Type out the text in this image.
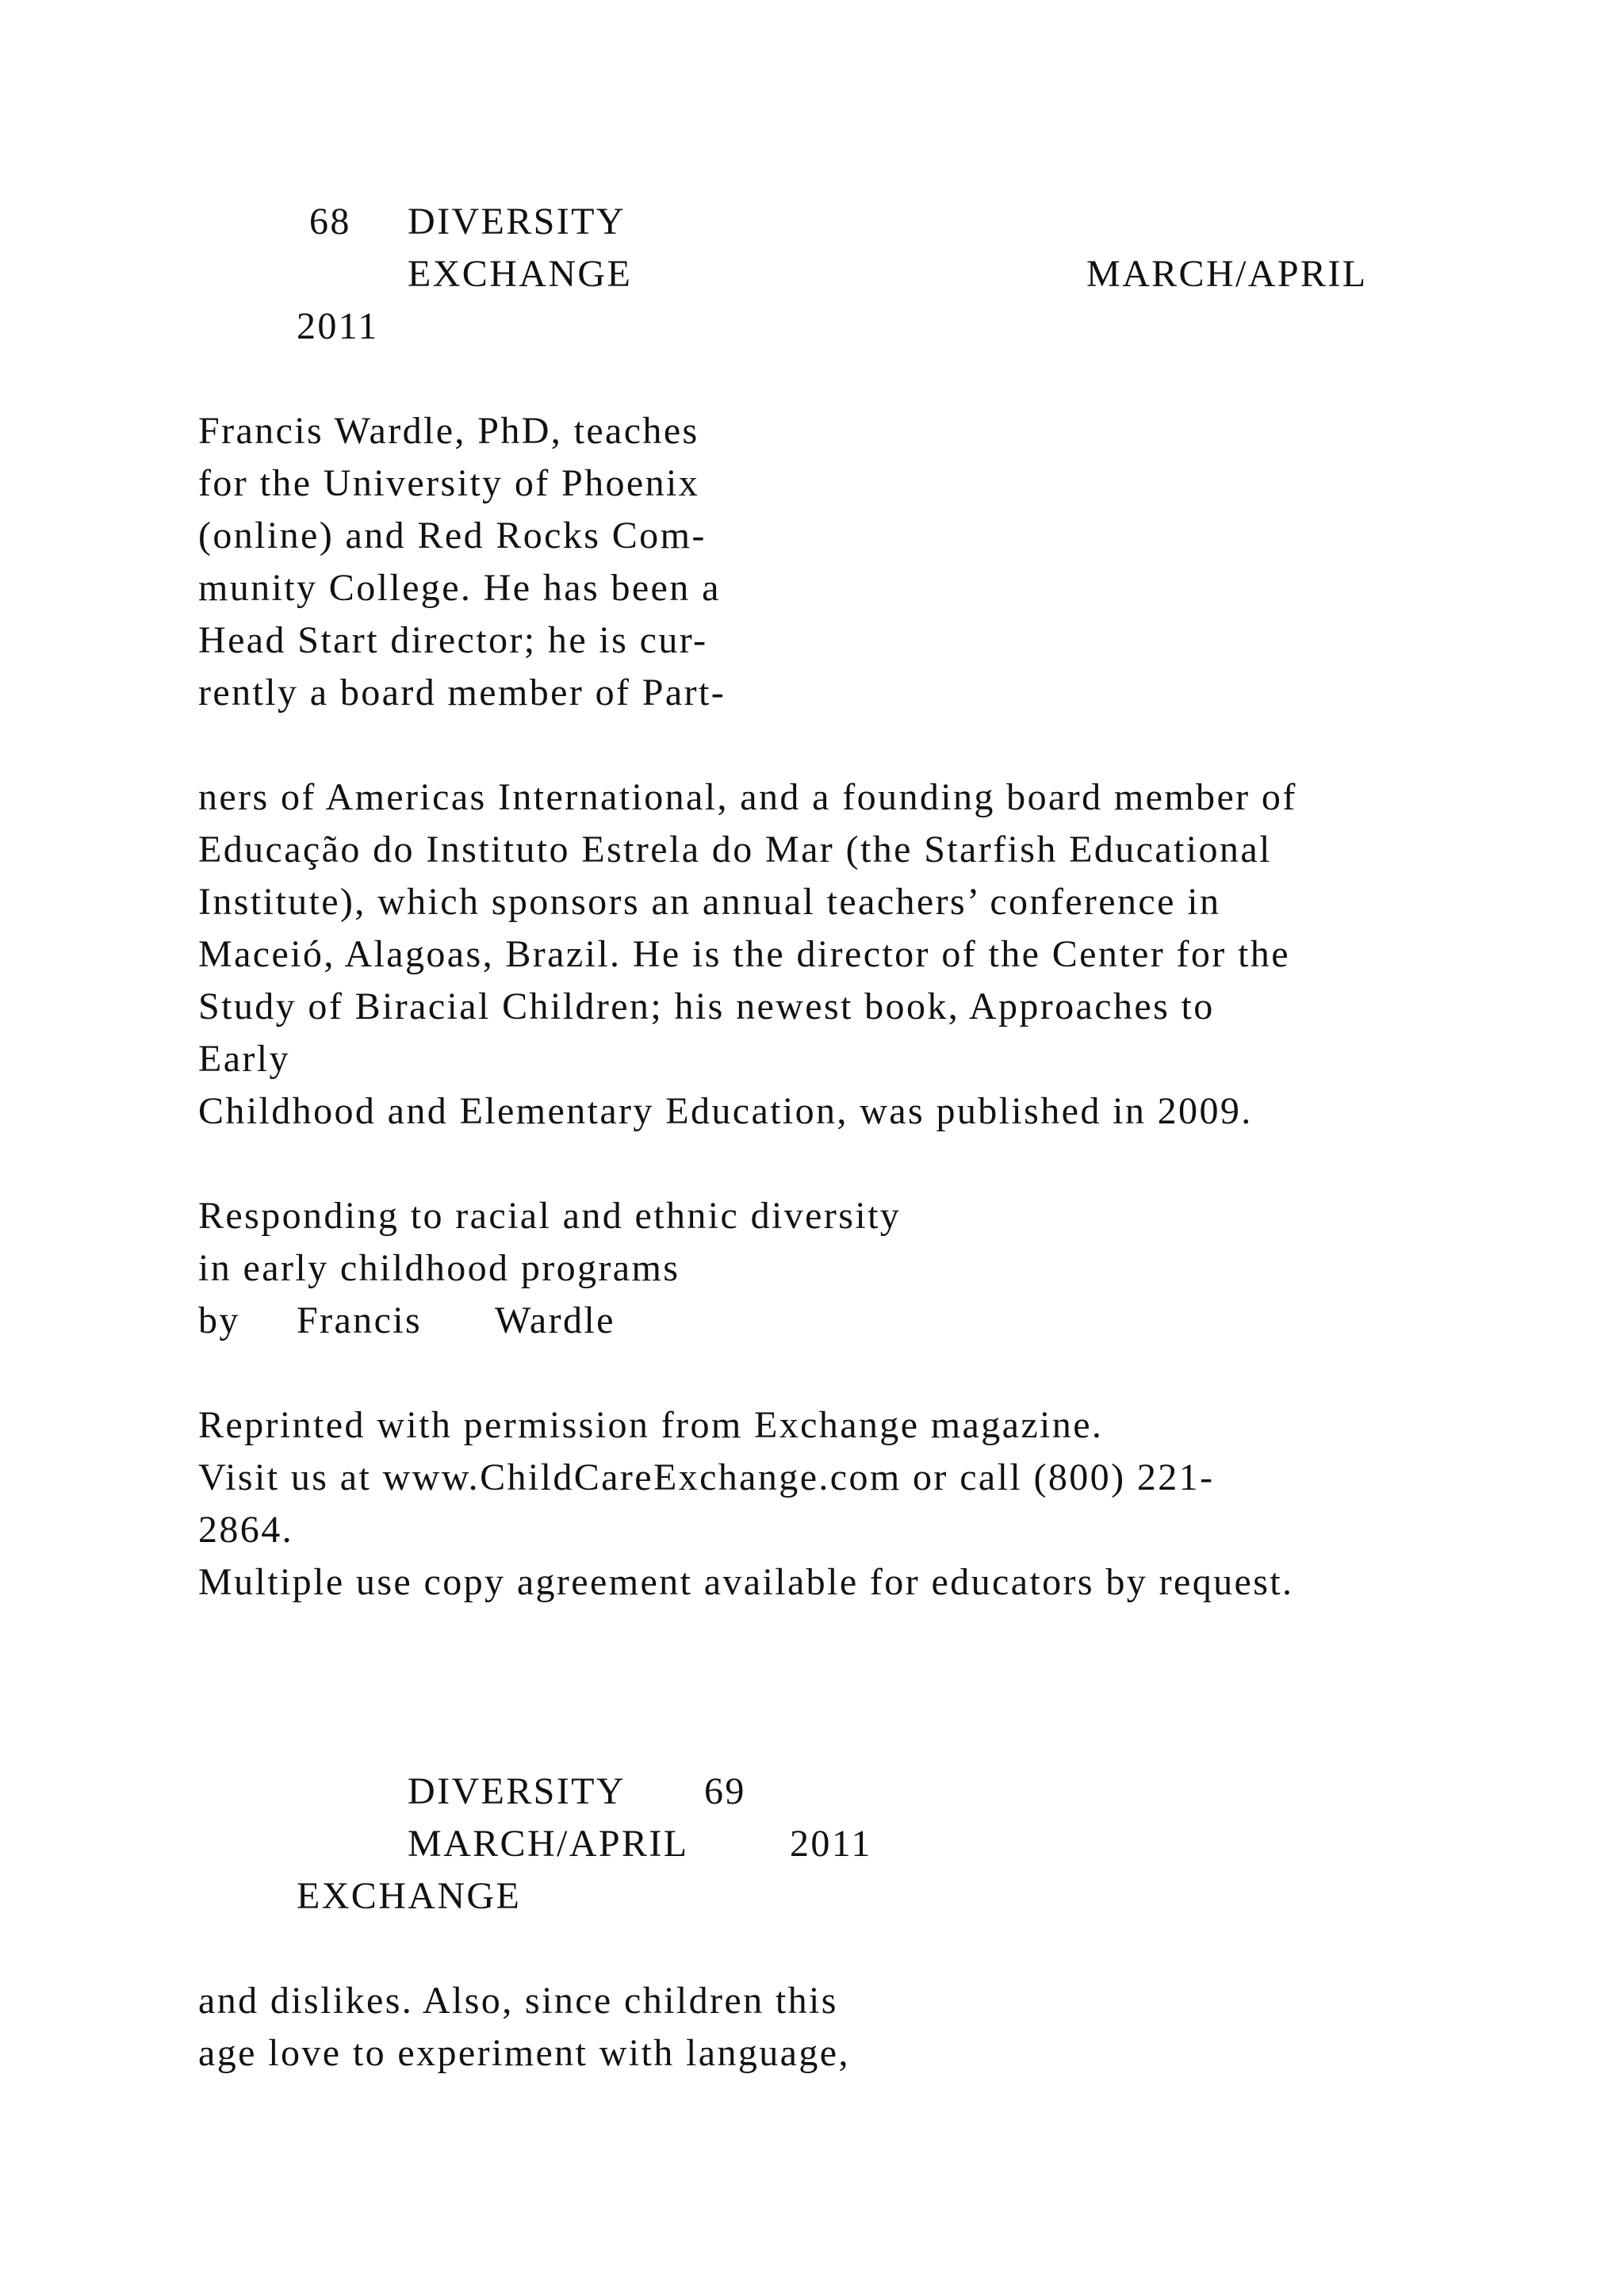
68 DIVERSITY
EXCHANGE	MARCH/APRIL
2011
Francis Wardle, PhD, teaches
for the University of Phoenix
(online) and Red Rocks Com-
munity College. He has been a
Head Start director; he is cur-
rently a board member of Part-
ners of Americas International, and a founding board member of
Educação do Instituto Estrela do Mar (the Starfish Educational
Institute), which sponsors an annual teachers’ conference in
Maceió, Alagoas, Brazil. He is the director of the Center for the
Study of Biracial Children; his newest book, Approaches to
Early
Childhood and Elementary Education, was published in 2009.
Responding to racial and ethnic diversity
in early childhood programs
by Francis Wardle
Reprinted with permission from Exchange magazine.
Visit us at www.ChildCareExchange.com or call (800) 221-
2864.
Multiple use copy agreement available for educators by request.
DIVERSITY 69
MARCH/APRIL	2011
EXCHANGE
and dislikes. Also, since children this
age love to experiment with language,
